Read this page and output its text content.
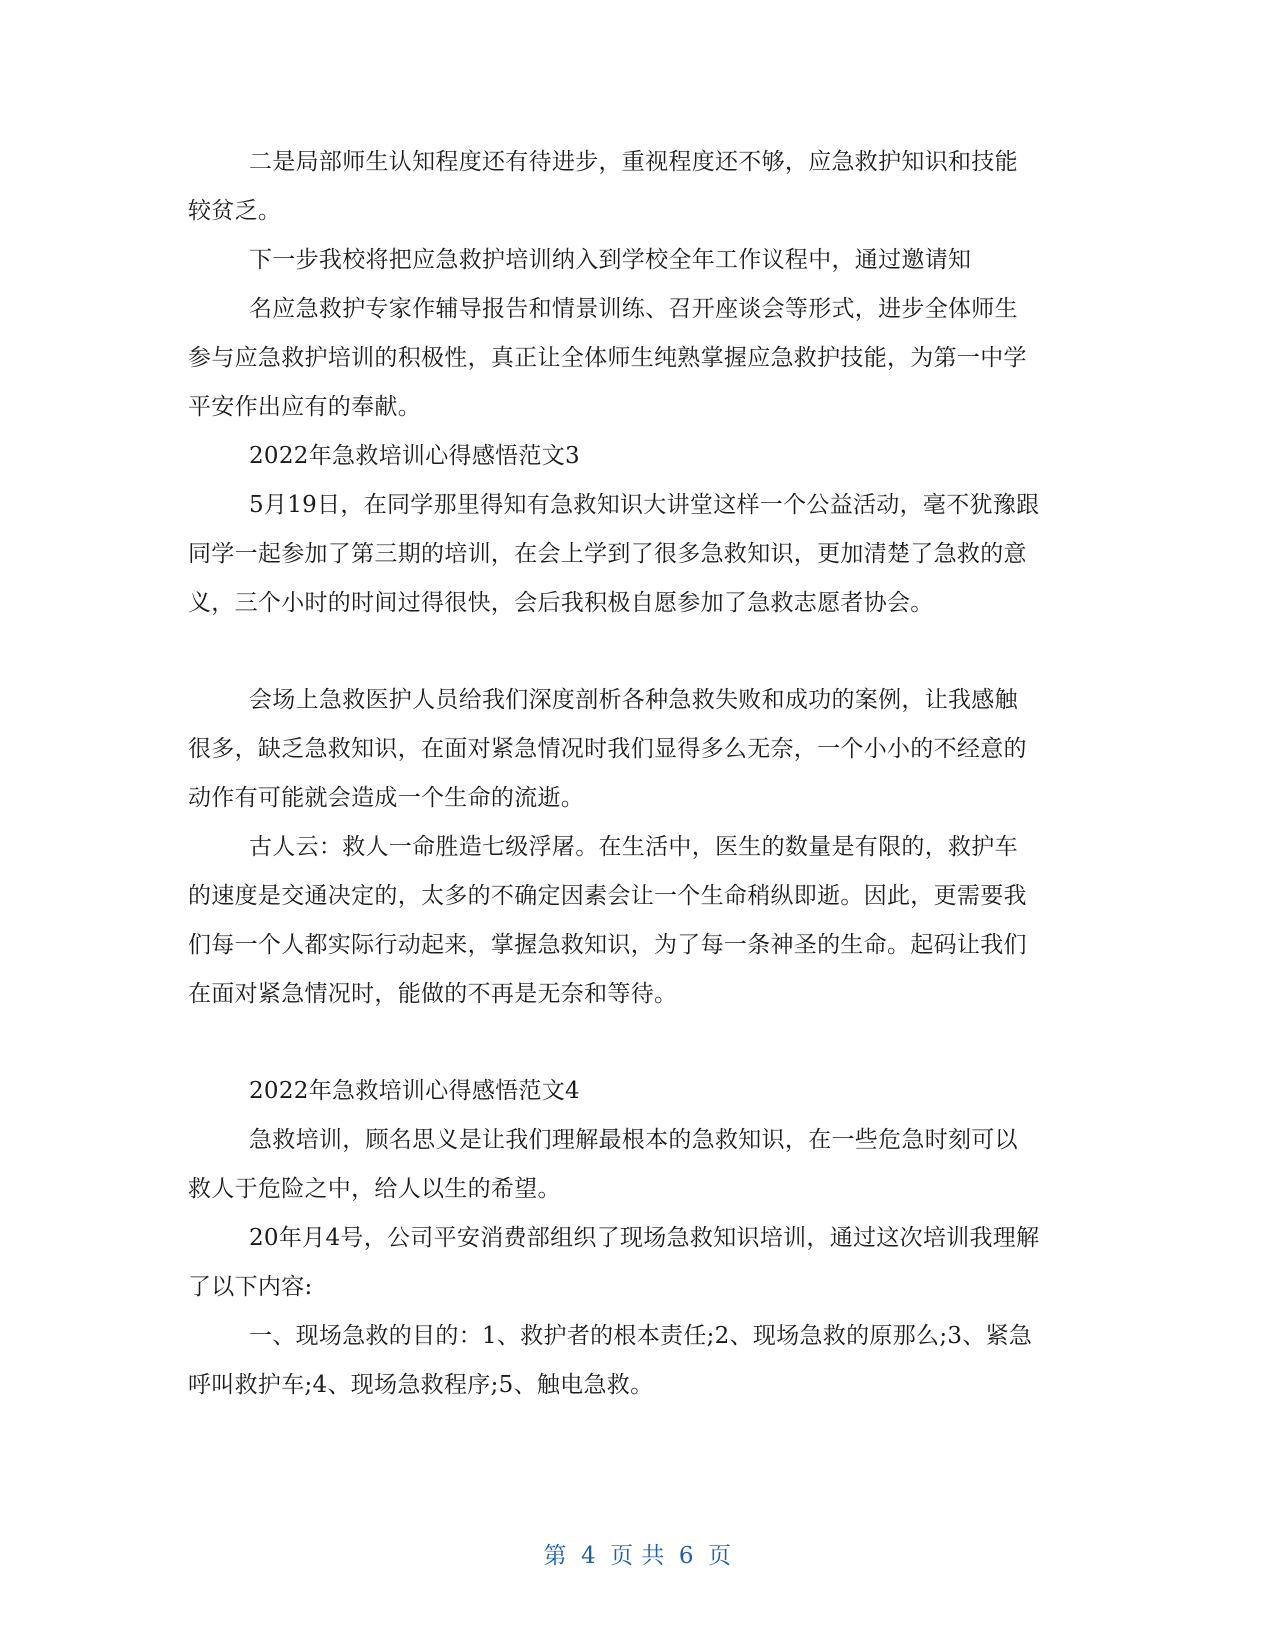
二是局部师生认知程度还有待进步，重视程度还不够，应急救护知识和技能
较贫乏。
下一步我校将把应急救护培训纳入到学校全年工作议程中，通过邀请知
名应急救护专家作辅导报告和情景训练、召开座谈会等形式，进步全体师生
参与应急救护培训的积极性，真正让全体师生纯熟掌握应急救护技能，为第一中学
平安作出应有的奉献。
2022年急救培训心得感悟范文3
5月19日，在同学那里得知有急救知识大讲堂这样一个公益活动，毫不犹豫跟
同学一起参加了第三期的培训，在会上学到了很多急救知识，更加清楚了急救的意
义，三个小时的时间过得很快，会后我积极自愿参加了急救志愿者协会。
会场上急救医护人员给我们深度剖析各种急救失败和成功的案例，让我感触
很多，缺乏急救知识，在面对紧急情况时我们显得多么无奈，一个小小的不经意的
动作有可能就会造成一个生命的流逝。
古人云：救人一命胜造七级浮屠。在生活中，医生的数量是有限的，救护车
的速度是交通决定的，太多的不确定因素会让一个生命稍纵即逝。因此，更需要我
们每一个人都实际行动起来，掌握急救知识，为了每一条神圣的生命。起码让我们
在面对紧急情况时，能做的不再是无奈和等待。
2022年急救培训心得感悟范文4
急救培训，顾名思义是让我们理解最根本的急救知识，在一些危急时刻可以
救人于危险之中，给人以生的希望。
20年月4号，公司平安消费部组织了现场急救知识培训，通过这次培训我理解
了以下内容:
一、现场急救的目的：1、救护者的根本责任;2、现场急救的原那么;3、紧急
呼叫救护车;4、现场急救程序;5、触电急救。
第 4 页 共 6 页
